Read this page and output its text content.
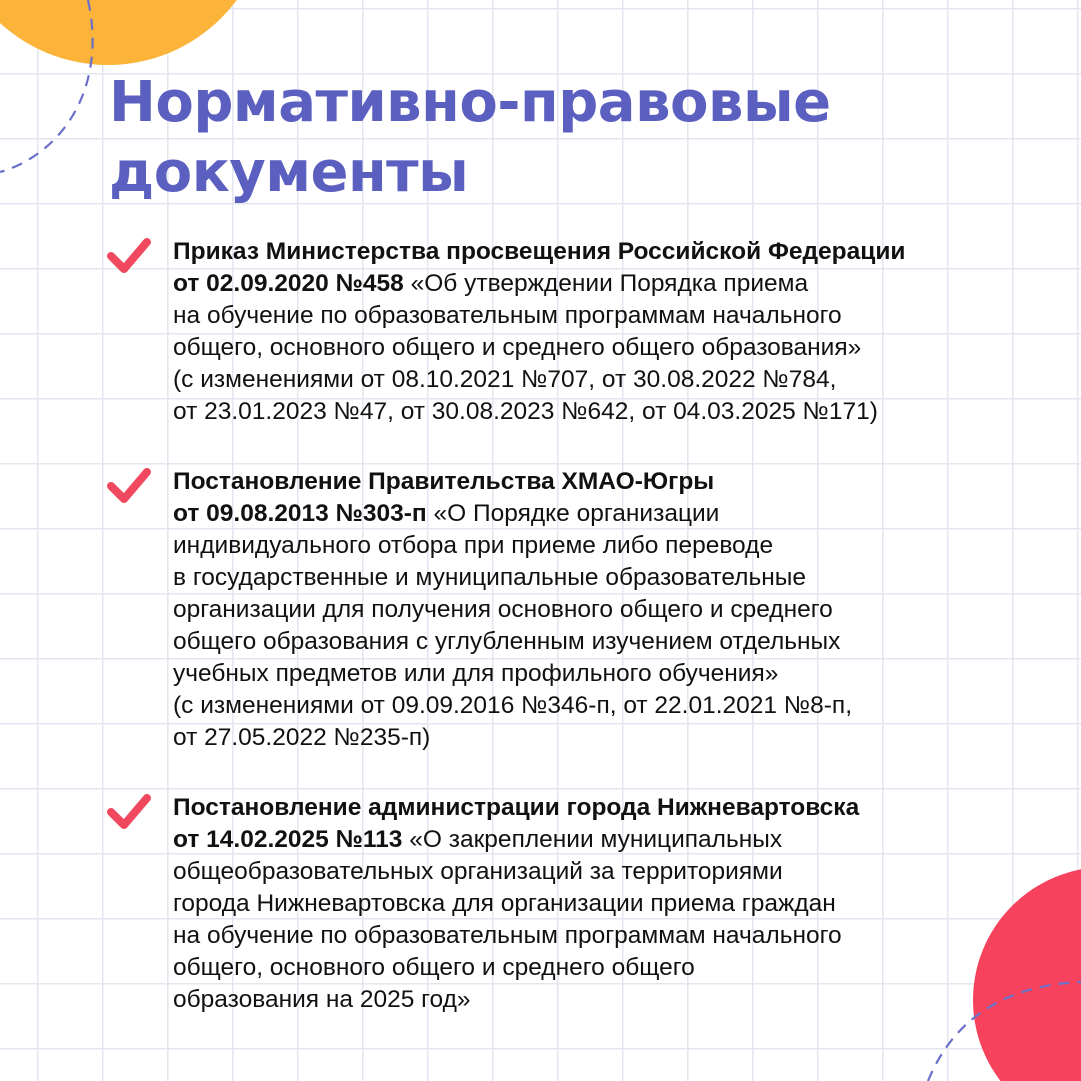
Нормативно-правовые
документы
Приказ Министерства просвещения Российской Федерации
от 02.09.2020 №458 «Об утверждении Порядка приема
на обучение по образовательным программам начального
общего, основного общего и среднего общего образования»
(с изменениями от 08.10.2021 №707, от 30.08.2022 №784,
от 23.01.2023 №47, от 30.08.2023 №642, от 04.03.2025 №171)
Постановление Правительства ХМАО-Югры
от 09.08.2013 №303-п «О Порядке организации
индивидуального отбора при приеме либо переводе
в государственные и муниципальные образовательные
организации для получения основного общего и среднего
общего образования с углубленным изучением отдельных
учебных предметов или для профильного обучения»
(с изменениями от 09.09.2016 №346-п, от 22.01.2021 №8-п,
от 27.05.2022 №235-п)
Постановление администрации города Нижневартовска
от 14.02.2025 №113 «О закреплении муниципальных
общеобразовательных организаций за территориями
города Нижневартовска для организации приема граждан
на обучение по образовательным программам начального
общего, основного общего и среднего общего
образования на 2025 год»
